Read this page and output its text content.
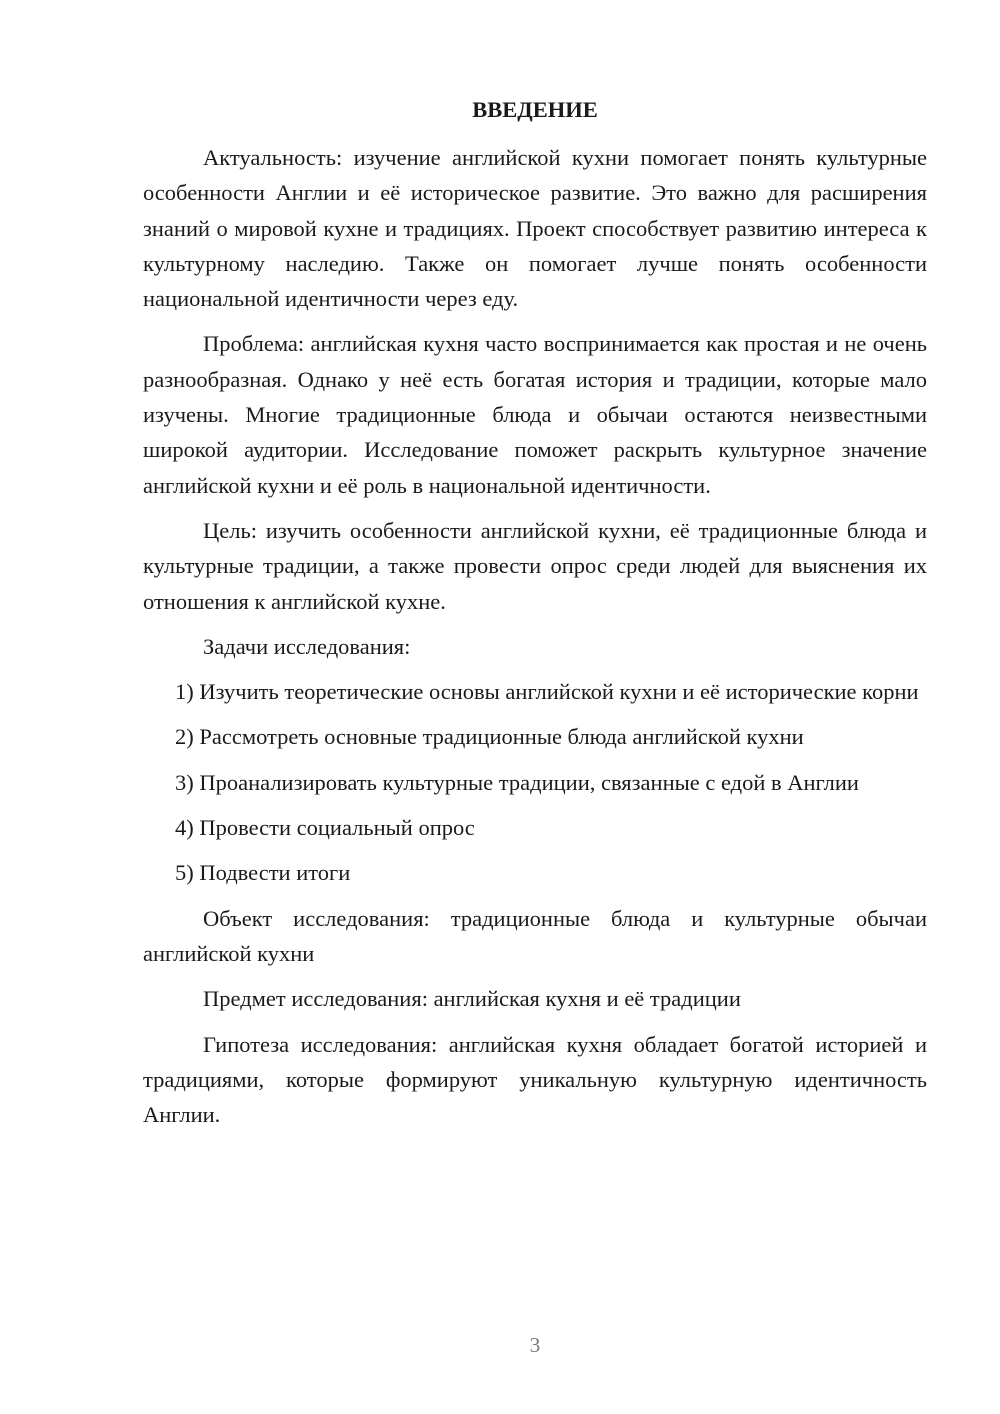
ВВЕДЕНИЕ

Актуальность: изучение английской кухни помогает понять культурные особенности Англии и её историческое развитие. Это важно для расширения знаний о мировой кухне и традициях. Проект способствует развитию интереса к культурному наследию. Также он помогает лучше понять особенности национальной идентичности через еду.

Проблема: английская кухня часто воспринимается как простая и не очень разнообразная. Однако у неё есть богатая история и традиции, которые мало изучены. Многие традиционные блюда и обычаи остаются неизвестными широкой аудитории. Исследование поможет раскрыть культурное значение английской кухни и её роль в национальной идентичности.

Цель: изучить особенности английской кухни, её традиционные блюда и культурные традиции, а также провести опрос среди людей для выяснения их отношения к английской кухне.

Задачи исследования:

1) Изучить теоретические основы английской кухни и её исторические корни

2) Рассмотреть основные традиционные блюда английской кухни

3) Проанализировать культурные традиции, связанные с едой в Англии

4) Провести социальный опрос

5) Подвести итоги

Объект исследования: традиционные блюда и культурные обычаи английской кухни

Предмет исследования: английская кухня и её традиции

Гипотеза исследования: английская кухня обладает богатой историей и традициями, которые формируют уникальную культурную идентичность Англии.

3
